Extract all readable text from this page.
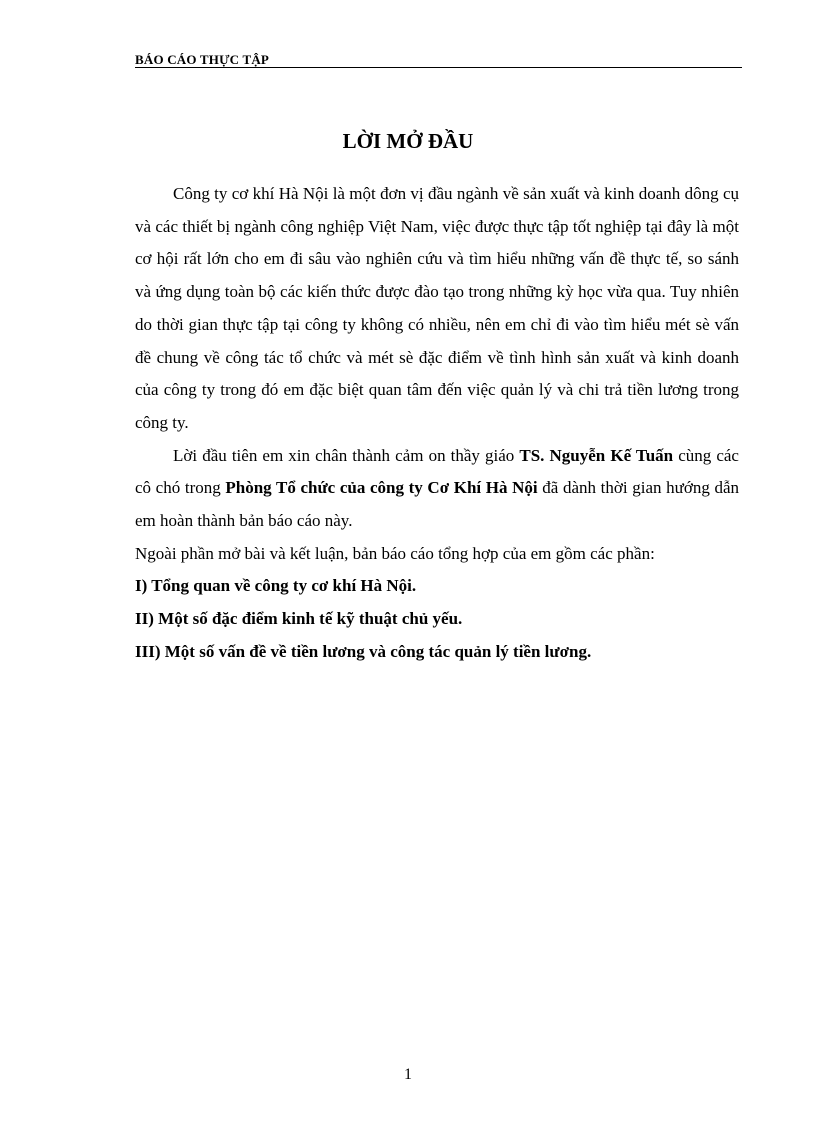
BÁO CÁO THỰC TẬP
LỜI MỞ ĐẦU

Công ty cơ khí Hà Nội là một đơn vị đầu ngành về sản xuất và kinh doanh dông cụ và các thiết bị ngành công nghiệp Việt Nam, việc được thực tập tốt nghiệp tại đây là một cơ hội rất lớn cho em đi sâu vào nghiên cứu và tìm hiểu những vấn đề thực tế, so sánh và ứng dụng toàn bộ các kiến thức được đào tạo trong những kỳ học vừa qua. Tuy nhiên do thời gian thực tập tại công ty không có nhiều, nên em chỉ đi vào tìm hiểu mét sè vấn đề chung về công tác tổ chức và mét sè đặc điểm về tình hình sản xuất và kinh doanh của công ty trong đó em đặc biệt quan tâm đến việc quản lý và chi trả tiền lương trong công ty.

Lời đầu tiên em xin chân thành cảm on thầy giáo TS. Nguyễn Kế Tuấn cùng các cô chó trong Phòng Tổ chức của công ty Cơ Khí Hà Nội đã dành thời gian hướng dẫn em hoàn thành bản báo cáo này.

Ngoài phần mở bài và kết luận, bản báo cáo tổng hợp của em gồm các phần:

I) Tổng quan về công ty cơ khí Hà Nội.

II) Một số đặc điểm kinh tế kỹ thuật chủ yếu.

III) Một số vấn đề về tiền lương và công tác quản lý tiền lương.

1
